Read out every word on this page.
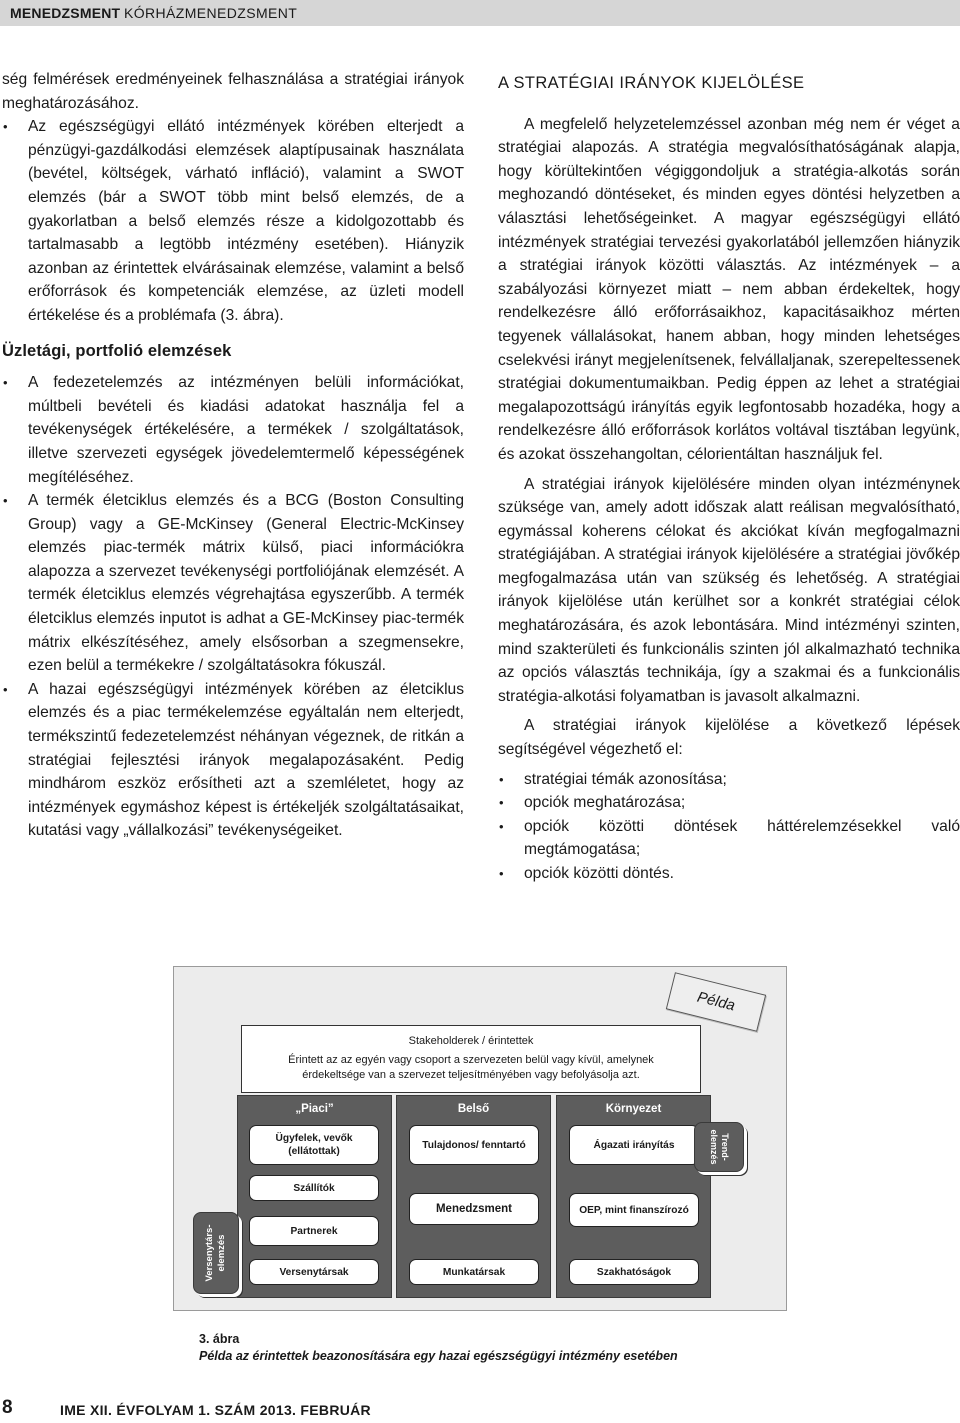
MENEDZSMENT KÓRHÁZMENEDZSMENT

ség felmérések eredményeinek felhasználása a stratégiai irányok meghatározásához.

• Az egészségügyi ellátó intézmények körében elterjedt a pénzügyi-gazdálkodási elemzések alaptípusainak használata (bevétel, költségek, várható infláció), valamint a SWOT elemzés (bár a SWOT több mint belső elemzés, de a gyakorlatban a belső elemzés része a kidolgozottabb és tartalmasabb a legtöbb intézmény esetében). Hiányzik azonban az érintettek elvárásainak elemzése, valamint a belső erőforrások és kompetenciák elemzése, az üzleti modell értékelése és a problémafa (3. ábra).
Üzletági, portfolió elemzések
• A fedezetelemzés az intézményen belüli információkat, múltbeli bevételi és kiadási adatokat használja fel a tevékenységek értékelésére, a termékek / szolgáltatások, illetve szervezeti egységek jövedelemtermelő képességének megítéléséhez.
• A termék életciklus elemzés és a BCG (Boston Consulting Group) vagy a GE-McKinsey (General Electric-McKinsey elemzés piac-termék mátrix külső, piaci információkra alapozza a szervezet tevékenységi portfoliójának elemzését. A termék életciklus elemzés végrehajtása egyszerűbb. A termék életciklus elemzés inputot is adhat a GE-McKinsey piac-termék mátrix elkészítéséhez, amely elsősorban a szegmensekre, ezen belül a termékekre / szolgáltatásokra fókuszál.
• A hazai egészségügyi intézmények körében az életciklus elemzés és a piac termékelemzése egyáltalán nem elterjedt, termékszintű fedezetelemzést néhányan végeznek, de ritkán a stratégiai fejlesztési irányok megalapozásaként. Pedig mindhárom eszköz erősítheti azt a szemléletet, hogy az intézmények egymáshoz képest is értékeljék szolgáltatásaikat, kutatási vagy „vállalkozási” tevékenységeiket.
A STRATÉGIAI IRÁNYOK KIJELÖLÉSE

A megfelelő helyzetelemzéssel azonban még nem ér véget a stratégiai alapozás. A stratégia megvalósíthatóságának alapja, hogy körültekintően végiggondoljuk a stratégia-alkotás során meghozandó döntéseket, és minden egyes döntési helyzetben a választási lehetőségeinket. A magyar egészségügyi ellátó intézmények stratégiai tervezési gyakorlatából jellemzően hiányzik a stratégiai irányok közötti választás. Az intézmények – a szabályozási környezet miatt – nem abban érdekeltek, hogy rendelkezésre álló erőforrásaikhoz, kapacitásaikhoz mérten tegyenek vállalásokat, hanem abban, hogy minden lehetséges cselekvési irányt megjelenítsenek, felvállaljanak, szerepeltessenek stratégiai dokumentumaikban. Pedig éppen az lehet a stratégiai megalapozottságú irányítás egyik legfontosabb hozadéka, hogy a rendelkezésre álló erőforrások korlátos voltával tisztában legyünk, és azokat összehangoltan, célorientáltan használjuk fel.

A stratégiai irányok kijelölésére minden olyan intézménynek szüksége van, amely adott időszak alatt reálisan megvalósítható, egymással koherens célokat és akciókat kíván megfogalmazni stratégiájában. A stratégiai irányok kijelölésére a stratégiai jövőkép megfogalmazása után van szükség és lehetőség. A stratégiai irányok kijelölése után kerülhet sor a konkrét stratégiai célok meghatározására, és azok lebontására. Mind intézményi szinten, mind szakterületi és funkcionális szinten jól alkalmazható technika az opciós választás technikája, így a szakmai és a funkcionális stratégia-alkotási folyamatban is javasolt alkalmazni.

A stratégiai irányok kijelölése a következő lépések segítségével végezhető el:

• stratégiai témák azonosítása;
• opciók meghatározása;
• opciók közötti döntések háttérelemzésekkel való megtámogatása;
• opciók közötti döntés.
Példa
Stakeholderek / érintettek
Érintett az az egyén vagy csoport a szervezeten belül vagy kívül, amelynek
érdekeltsége van a szervezet teljesítményében vagy befolyásolja azt.
„Piaci”	Belső	Környezet
Ügyfelek, vevők (ellátottak)
Szállítók
Partnerek
Versenytársak
Tulajdonos/ fenntartó
Menedzsment
Munkatársak
Ágazati irányítás
OEP, mint finanszírozó
Szakhatóságok
Versenytárs-elemzés
Trend-elemzés
3. ábra
Példa az érintettek beazonosítására egy hazai egészségügyi intézmény esetében
8	IME XII. ÉVFOLYAM 1. SZÁM 2013. FEBRUÁR
